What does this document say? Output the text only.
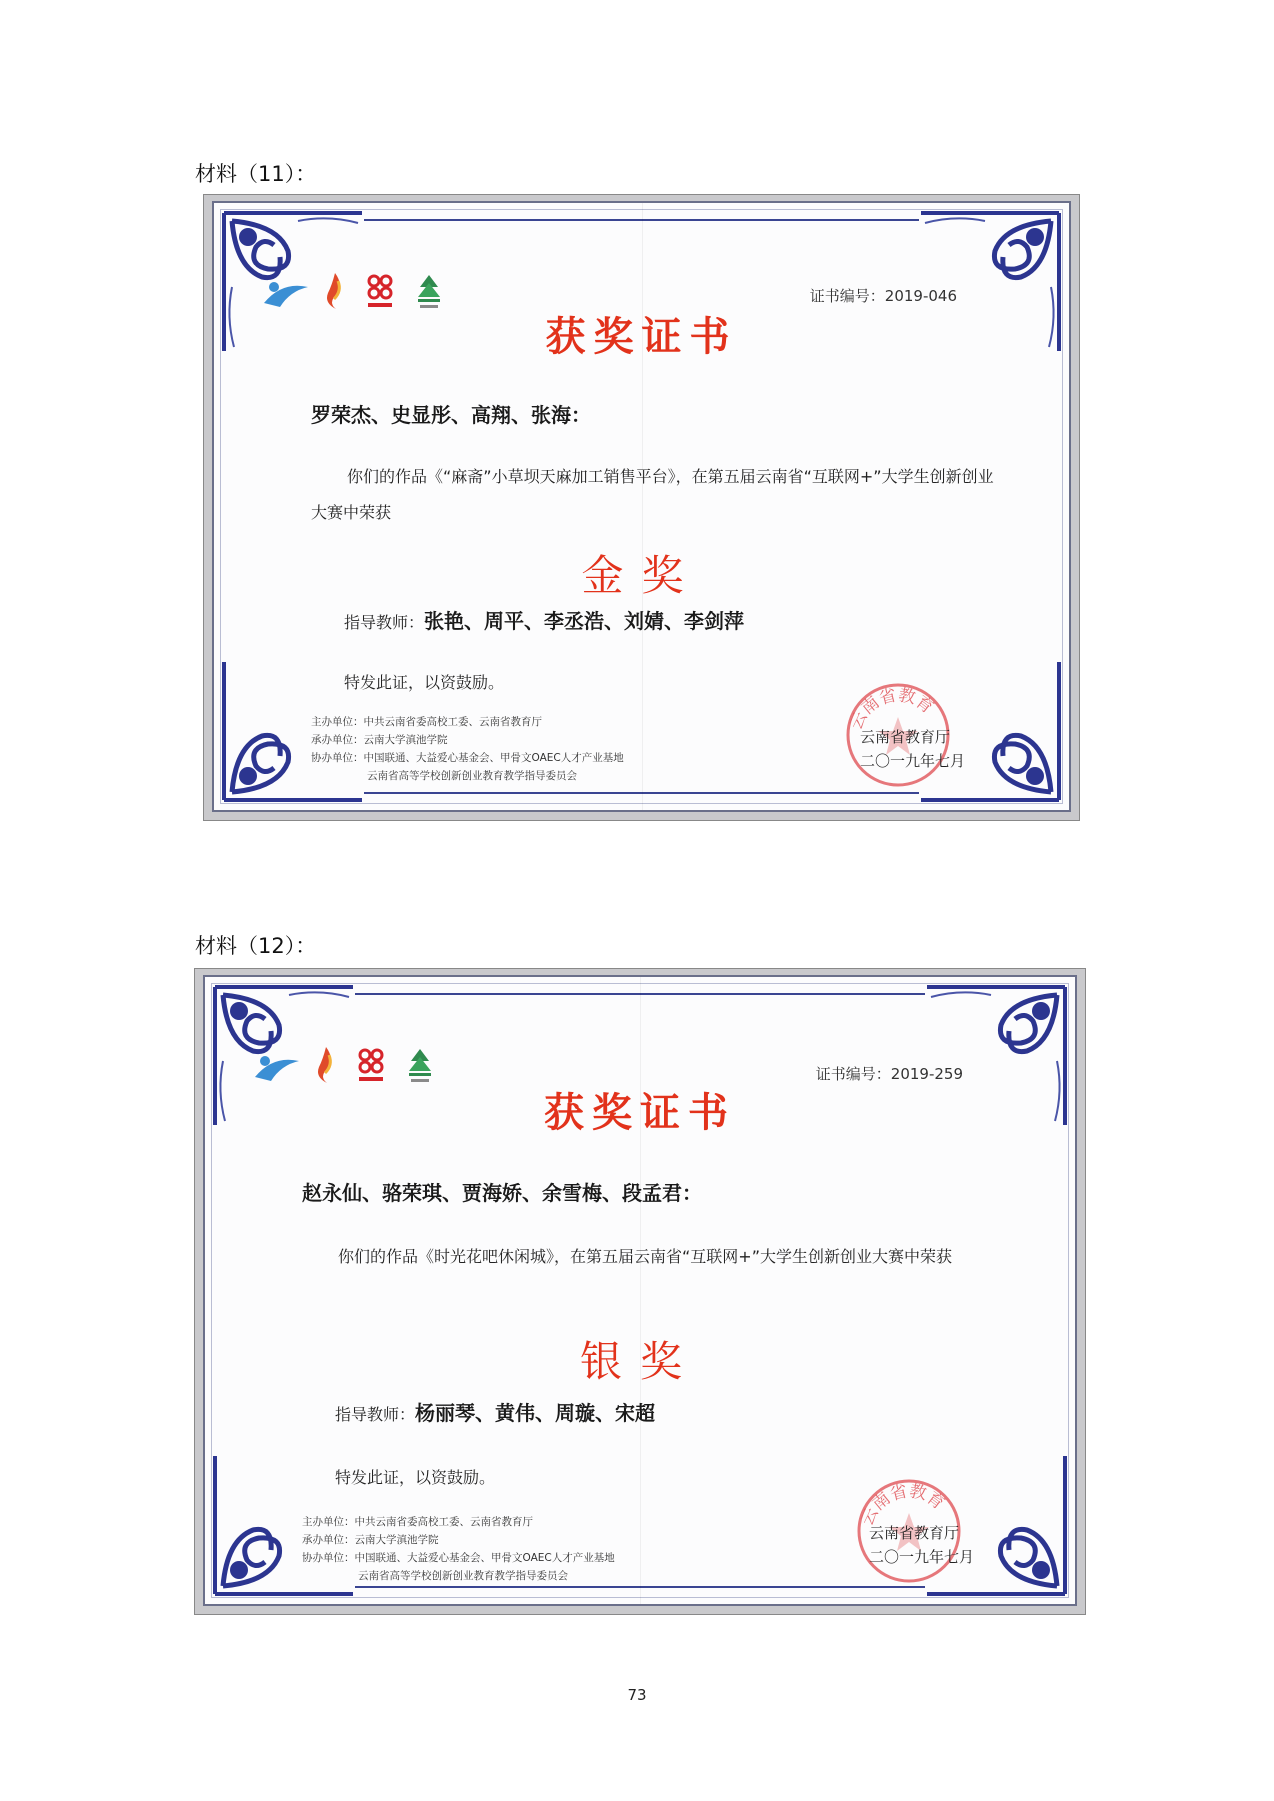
材料（11）：
证书编号：2019-046
获奖证书
罗荣杰、史显彤、高翔、张海：
你们的作品《“麻斋”小草坝天麻加工销售平台》，在第五届云南省“互联网+”大学生创新创业大赛中荣获
金奖
指导教师：张艳、周平、李丞浩、刘婧、李剑萍
特发此证，以资鼓励。
主办单位：中共云南省委高校工委、云南省教育厅
承办单位：云南大学滇池学院
协办单位：中国联通、大益爱心基金会、甲骨文OAEC人才产业基地
云南省高等学校创新创业教育教学指导委员会
云南省教育
云南省教育厅
二〇一九年七月
材料（12）：
证书编号：2019-259
获奖证书
赵永仙、骆荣琪、贾海娇、余雪梅、段孟君：
你们的作品《时光花吧休闲城》，在第五届云南省“互联网+”大学生创新创业大赛中荣获
银奖
指导教师：杨丽琴、黄伟、周璇、宋超
特发此证，以资鼓励。
主办单位：中共云南省委高校工委、云南省教育厅
承办单位：云南大学滇池学院
协办单位：中国联通、大益爱心基金会、甲骨文OAEC人才产业基地
云南省高等学校创新创业教育教学指导委员会
云南省教育
云南省教育厅
二〇一九年七月
73
